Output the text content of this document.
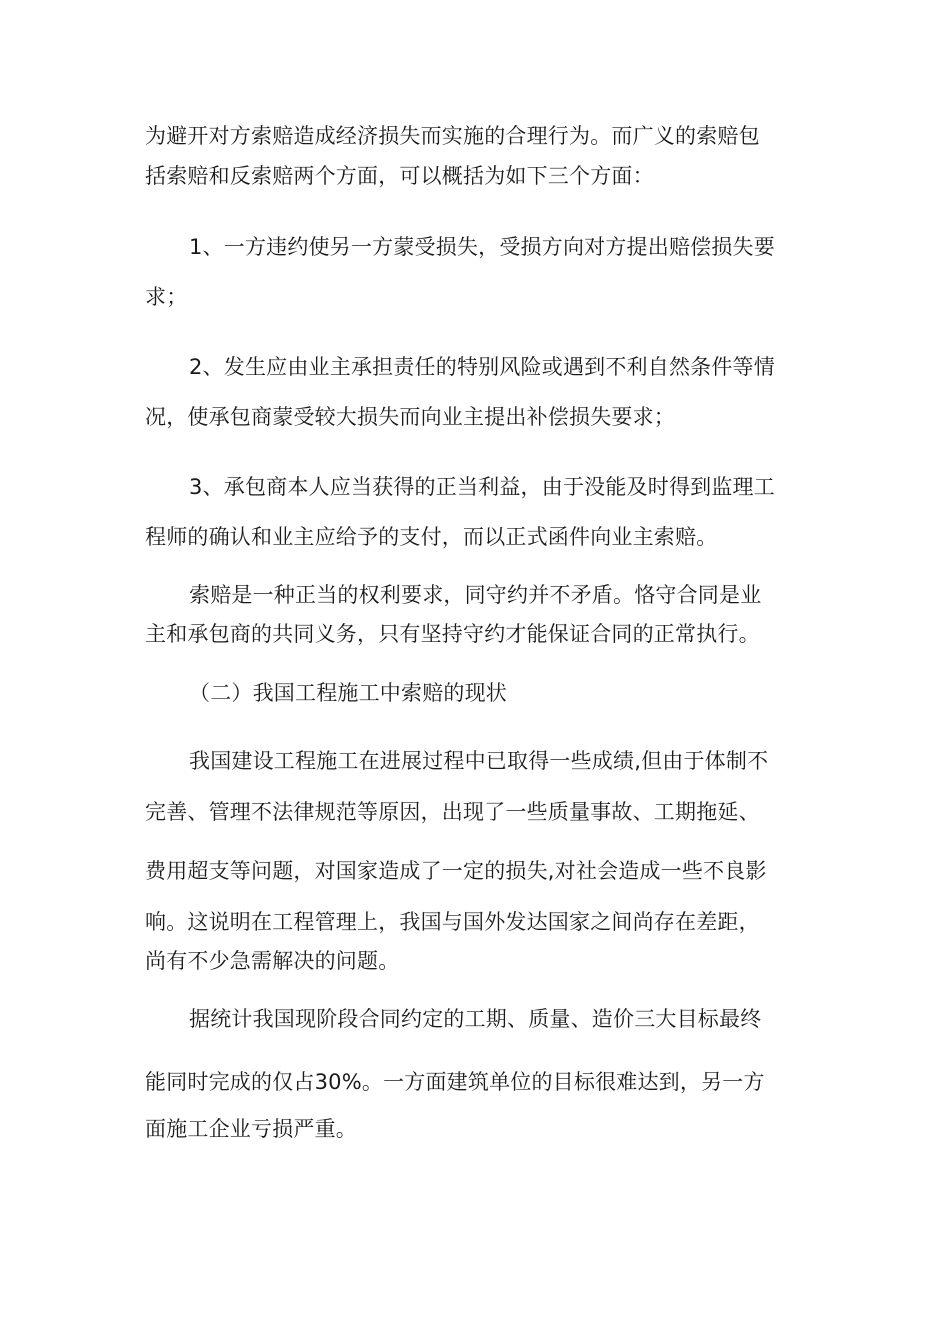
为避开对方索赔造成经济损失而实施的合理行为。而广义的索赔包
括索赔和反索赔两个方面，可以概括为如下三个方面：
1、一方违约使另一方蒙受损失，受损方向对方提出赔偿损失要
求；
2、发生应由业主承担责任的特别风险或遇到不利自然条件等情
况，使承包商蒙受较大损失而向业主提出补偿损失要求；
3、承包商本人应当获得的正当利益，由于没能及时得到监理工
程师的确认和业主应给予的支付，而以正式函件向业主索赔。
索赔是一种正当的权利要求，同守约并不矛盾。恪守合同是业
主和承包商的共同义务，只有坚持守约才能保证合同的正常执行。
（二）我国工程施工中索赔的现状
我国建设工程施工在进展过程中已取得一些成绩,但由于体制不
完善、管理不法律规范等原因，出现了一些质量事故、工期拖延、
费用超支等问题，对国家造成了一定的损失,对社会造成一些不良影
响。这说明在工程管理上，我国与国外发达国家之间尚存在差距，
尚有不少急需解决的问题。
据统计我国现阶段合同约定的工期、质量、造价三大目标最终
能同时完成的仅占30%。一方面建筑单位的目标很难达到，另一方
面施工企业亏损严重。
